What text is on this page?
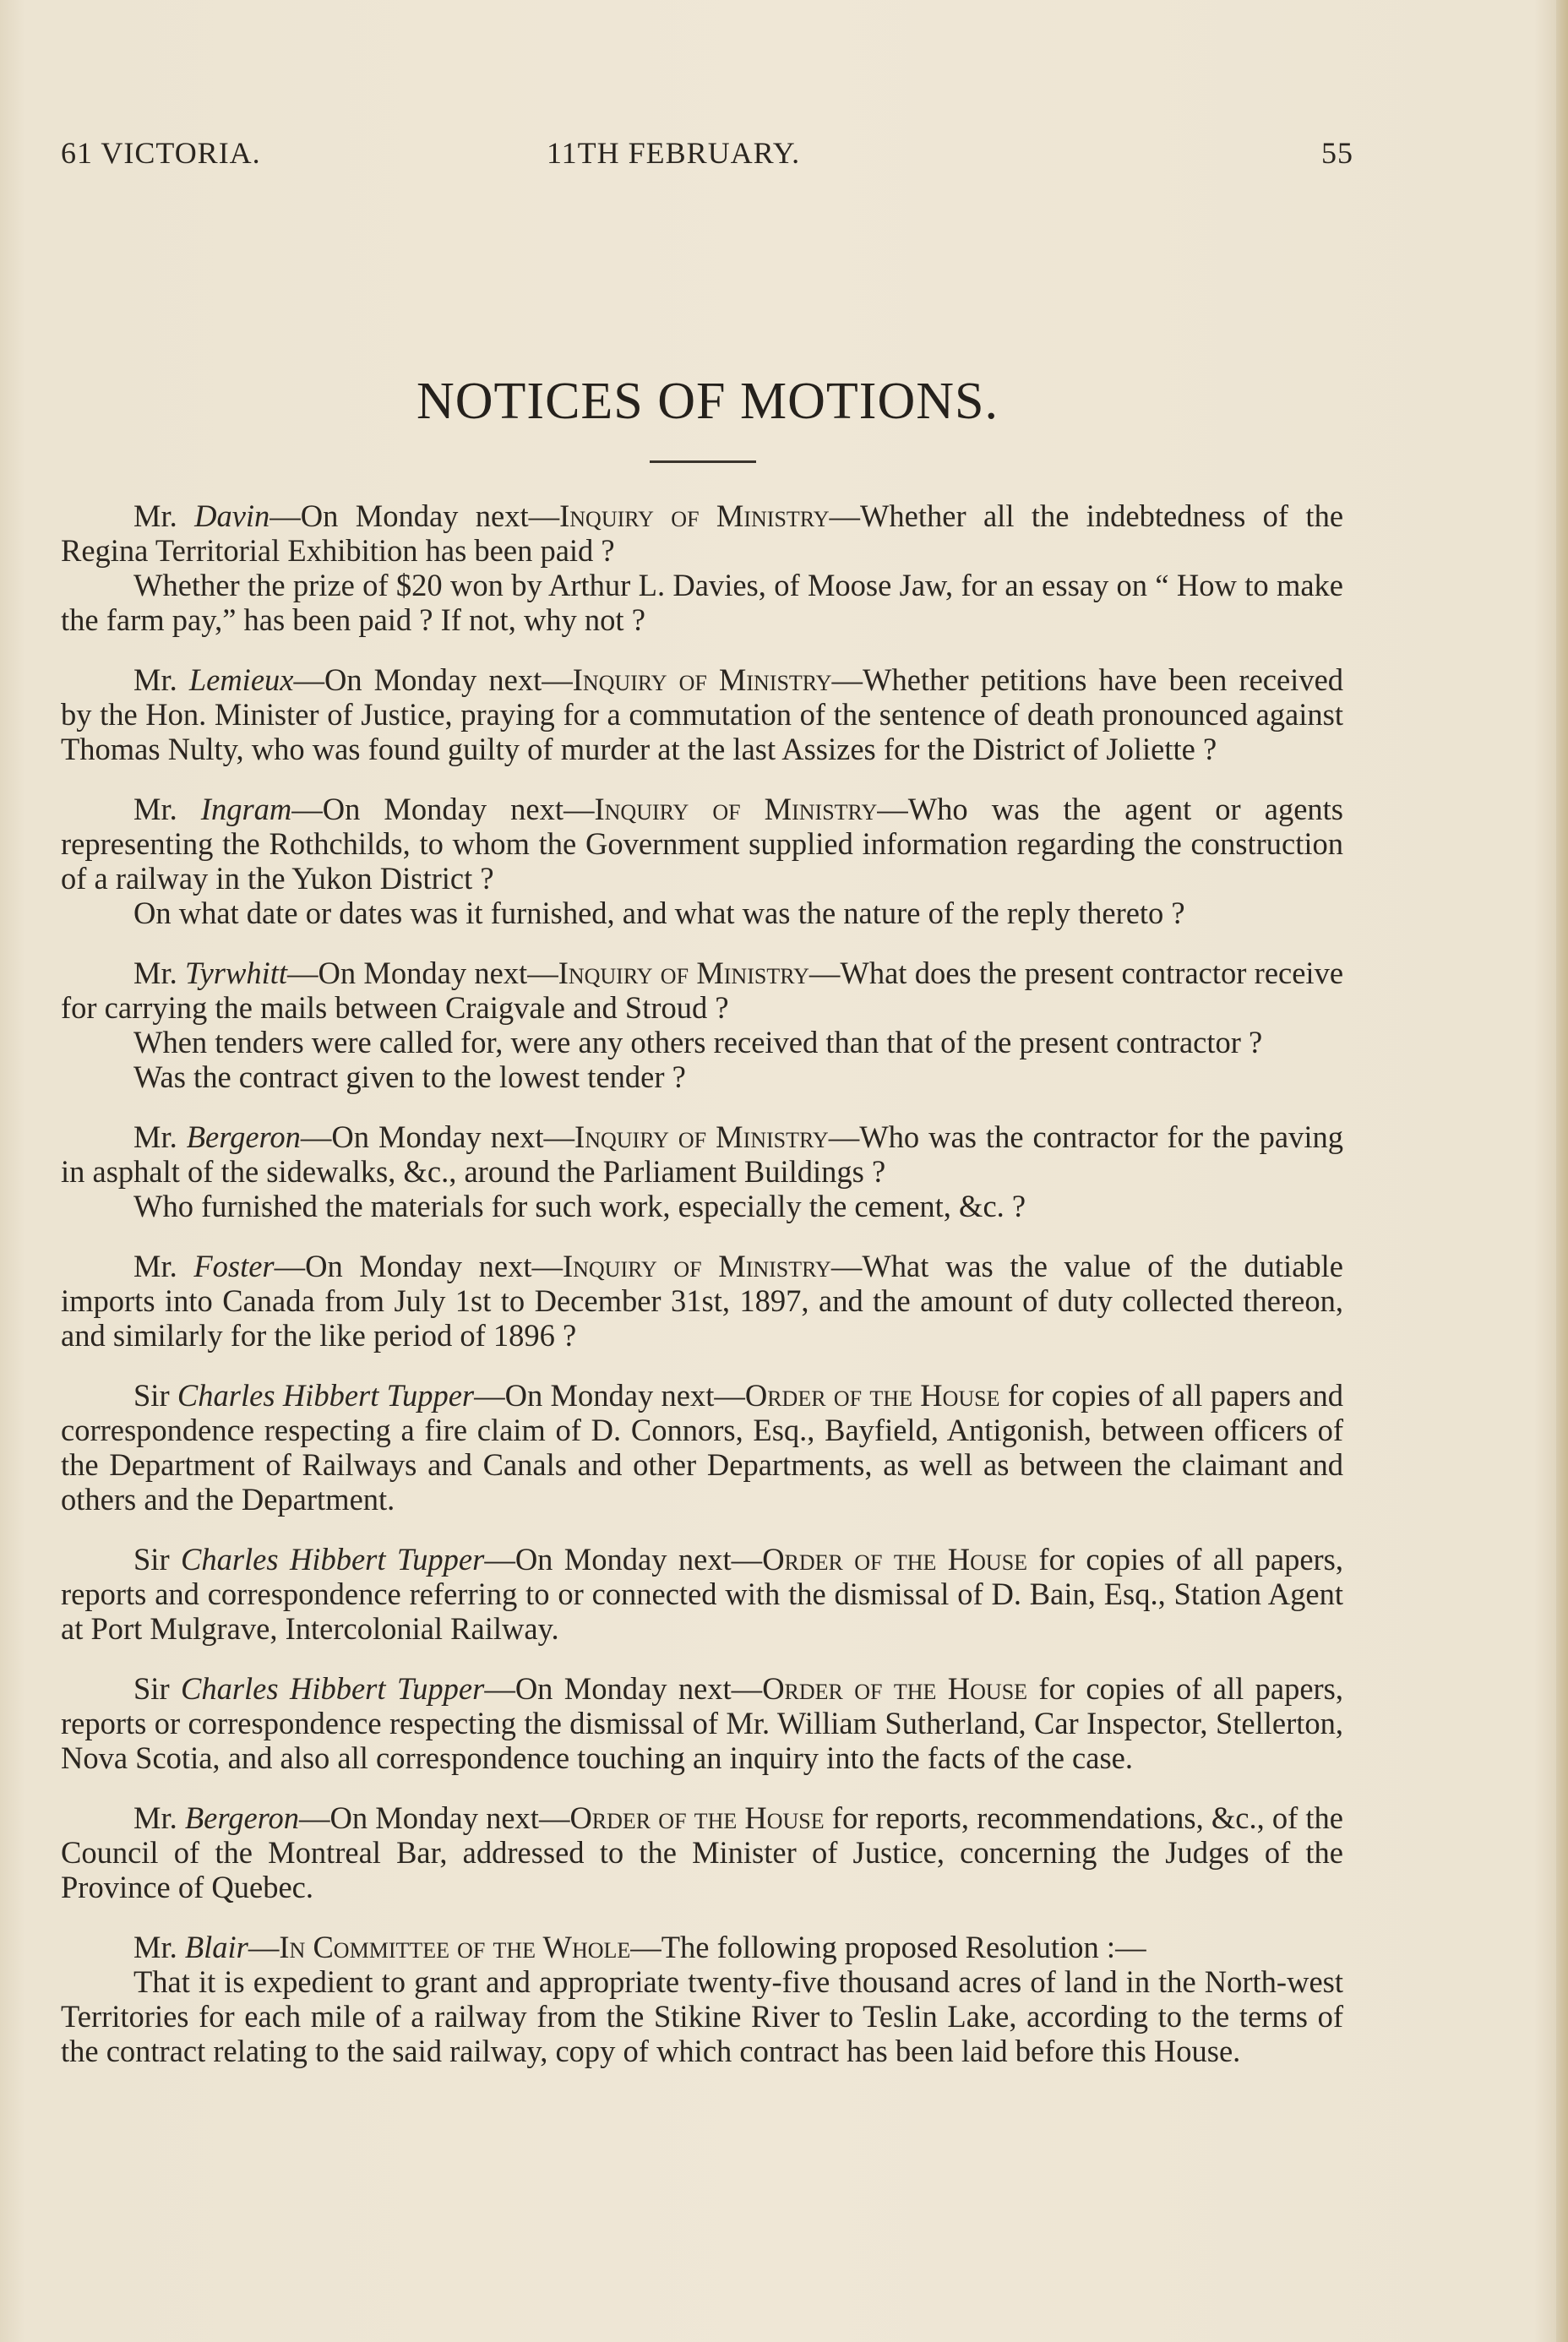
61 VICTORIA.	11TH FEBRUARY.	55
NOTICES OF MOTIONS.

Mr. Davin—On Monday next—Inquiry of Ministry—Whether all the indebtedness of the Regina Territorial Exhibition has been paid ?

Whether the prize of $20 won by Arthur L. Davies, of Moose Jaw, for an essay on “ How to make the farm pay,” has been paid ? If not, why not ?

Mr. Lemieux—On Monday next—Inquiry of Ministry—Whether petitions have been received by the Hon. Minister of Justice, praying for a commutation of the sentence of death pronounced against Thomas Nulty, who was found guilty of murder at the last Assizes for the District of Joliette ?

Mr. Ingram—On Monday next—Inquiry of Ministry—Who was the agent or agents representing the Rothchilds, to whom the Government supplied information regarding the construction of a railway in the Yukon District ?

On what date or dates was it furnished, and what was the nature of the reply thereto ?

Mr. Tyrwhitt—On Monday next—Inquiry of Ministry—What does the present contractor receive for carrying the mails between Craigvale and Stroud ?

When tenders were called for, were any others received than that of the present contractor ?

Was the contract given to the lowest tender ?

Mr. Bergeron—On Monday next—Inquiry of Ministry—Who was the contractor for the paving in asphalt of the sidewalks, &c., around the Parliament Buildings ?

Who furnished the materials for such work, especially the cement, &c. ?

Mr. Foster—On Monday next—Inquiry of Ministry—What was the value of the dutiable imports into Canada from July 1st to December 31st, 1897, and the amount of duty collected thereon, and similarly for the like period of 1896 ?

Sir Charles Hibbert Tupper—On Monday next—Order of the House for copies of all papers and correspondence respecting a fire claim of D. Connors, Esq., Bayfield, Antigonish, between officers of the Department of Railways and Canals and other Departments, as well as between the claimant and others and the Department.

Sir Charles Hibbert Tupper—On Monday next—Order of the House for copies of all papers, reports and correspondence referring to or connected with the dismissal of D. Bain, Esq., Station Agent at Port Mulgrave, Intercolonial Railway.

Sir Charles Hibbert Tupper—On Monday next—Order of the House for copies of all papers, reports or correspondence respecting the dismissal of Mr. William Sutherland, Car Inspector, Stellerton, Nova Scotia, and also all correspondence touching an inquiry into the facts of the case.

Mr. Bergeron—On Monday next—Order of the House for reports, recommendations, &c., of the Council of the Montreal Bar, addressed to the Minister of Justice, concerning the Judges of the Province of Quebec.

Mr. Blair—In Committee of the Whole—The following proposed Resolution :—

That it is expedient to grant and appropriate twenty-five thousand acres of land in the North-west Territories for each mile of a railway from the Stikine River to Teslin Lake, according to the terms of the contract relating to the said railway, copy of which contract has been laid before this House.
